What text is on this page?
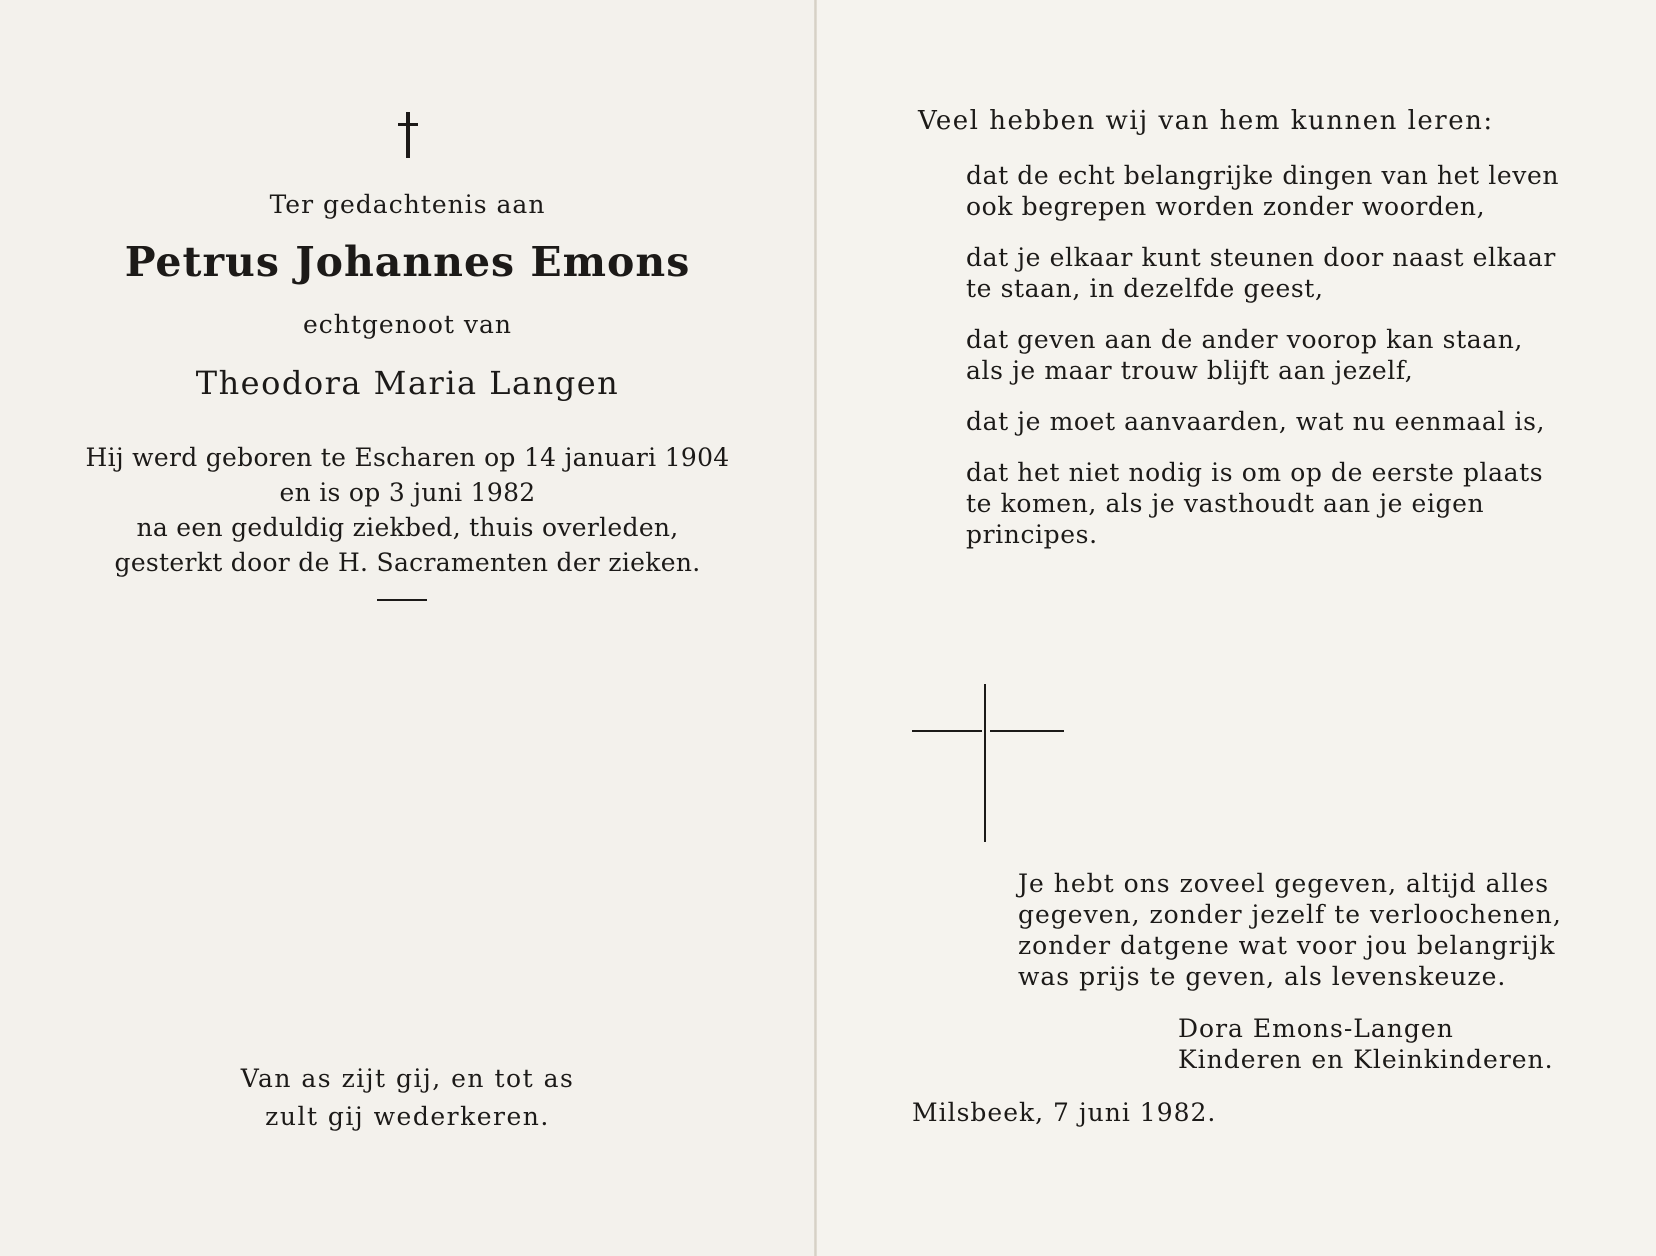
Ter gedachtenis aan
Petrus Johannes Emons
echtgenoot van
Theodora Maria Langen
Hij werd geboren te Escharen op 14 januari 1904
en is op 3 juni 1982
na een geduldig ziekbed, thuis overleden,
gesterkt door de H. Sacramenten der zieken.
Van as zijt gij, en tot as
zult gij wederkeren.
Veel hebben wij van hem kunnen leren:
dat de echt belangrijke dingen van het leven
ook begrepen worden zonder woorden,
dat je elkaar kunt steunen door naast elkaar
te staan, in dezelfde geest,
dat geven aan de ander voorop kan staan,
als je maar trouw blijft aan jezelf,
dat je moet aanvaarden, wat nu eenmaal is,
dat het niet nodig is om op de eerste plaats
te komen, als je vasthoudt aan je eigen
principes.
Je hebt ons zoveel gegeven, altijd alles
gegeven, zonder jezelf te verloochenen,
zonder datgene wat voor jou belangrijk
was prijs te geven, als levenskeuze.
Dora Emons-Langen
Kinderen en Kleinkinderen.
Milsbeek, 7 juni 1982.
